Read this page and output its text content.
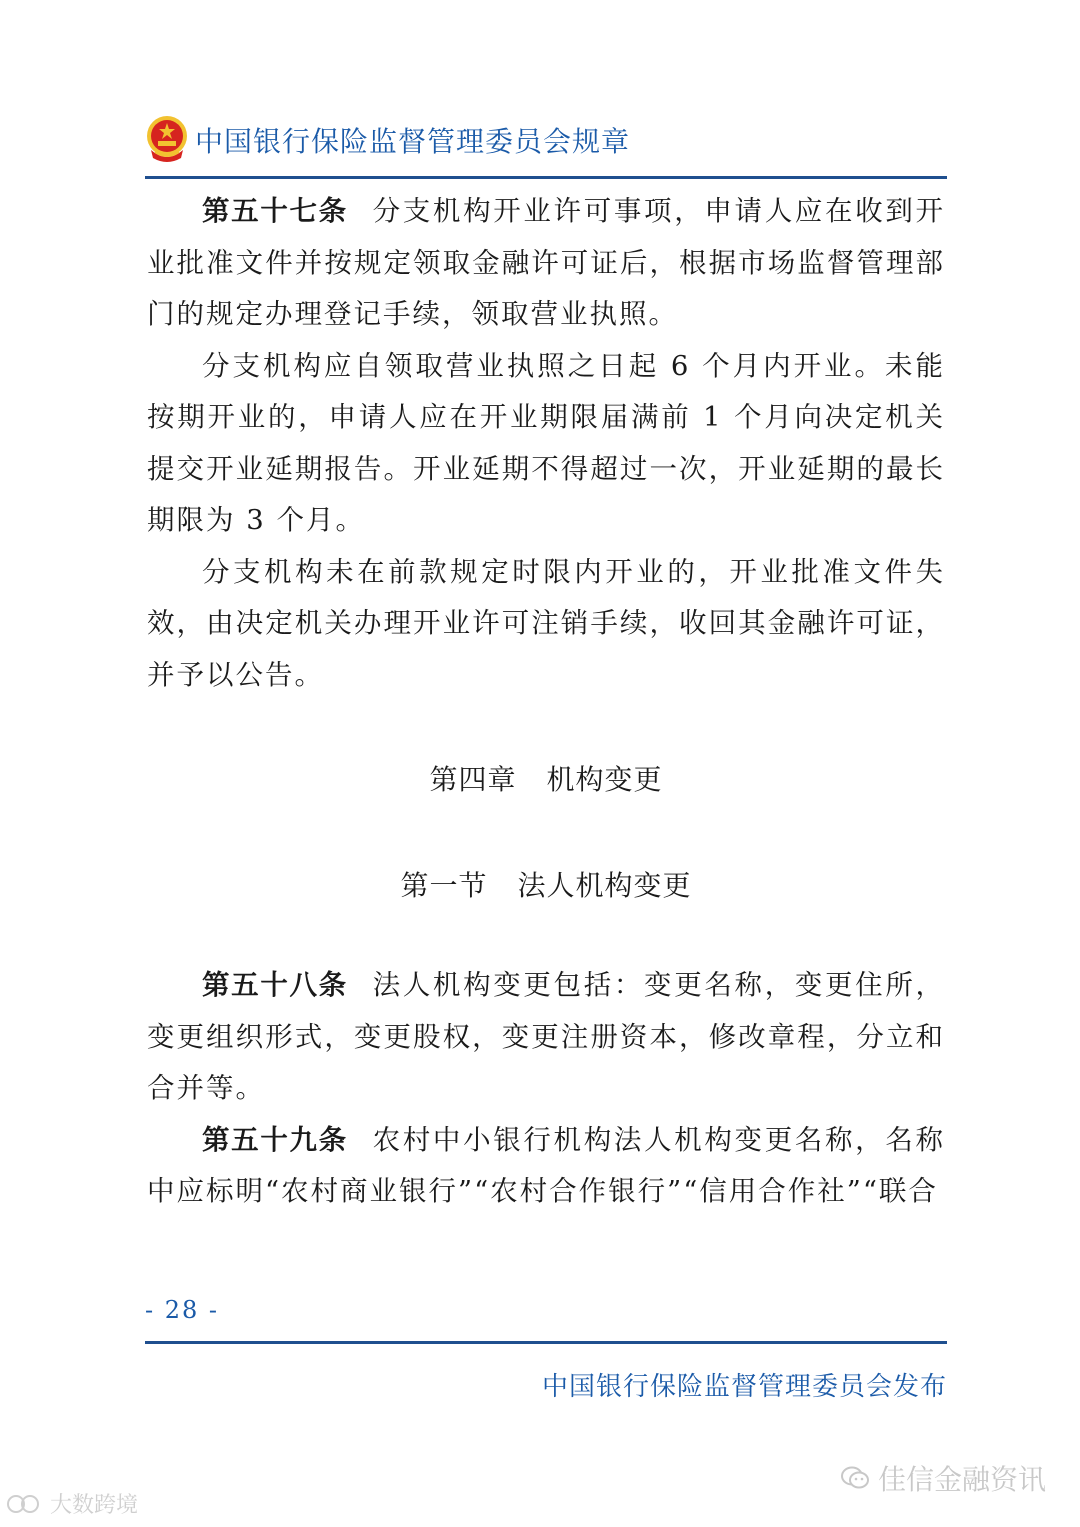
中国银行保险监督管理委员会规章

第五十七条 分支机构开业许可事项，申请人应在收到开业批准文件并按规定领取金融许可证后，根据市场监督管理部门的规定办理登记手续，领取营业执照。

分支机构应自领取营业执照之日起 6 个月内开业。未能按期开业的，申请人应在开业期限届满前 1 个月向决定机关提交开业延期报告。开业延期不得超过一次，开业延期的最长期限为 3 个月。

分支机构未在前款规定时限内开业的，开业批准文件失效，由决定机关办理开业许可注销手续，收回其金融许可证，并予以公告。

第四章 机构变更
第一节 法人机构变更

第五十八条 法人机构变更包括：变更名称，变更住所，变更组织形式，变更股权，变更注册资本，修改章程，分立和合并等。

第五十九条 农村中小银行机构法人机构变更名称，名称中应标明“农村商业银行”“农村合作银行”“信用合作社”“联合

- 28 -
中国银行保险监督管理委员会发布
佳信金融资讯
大数跨境
